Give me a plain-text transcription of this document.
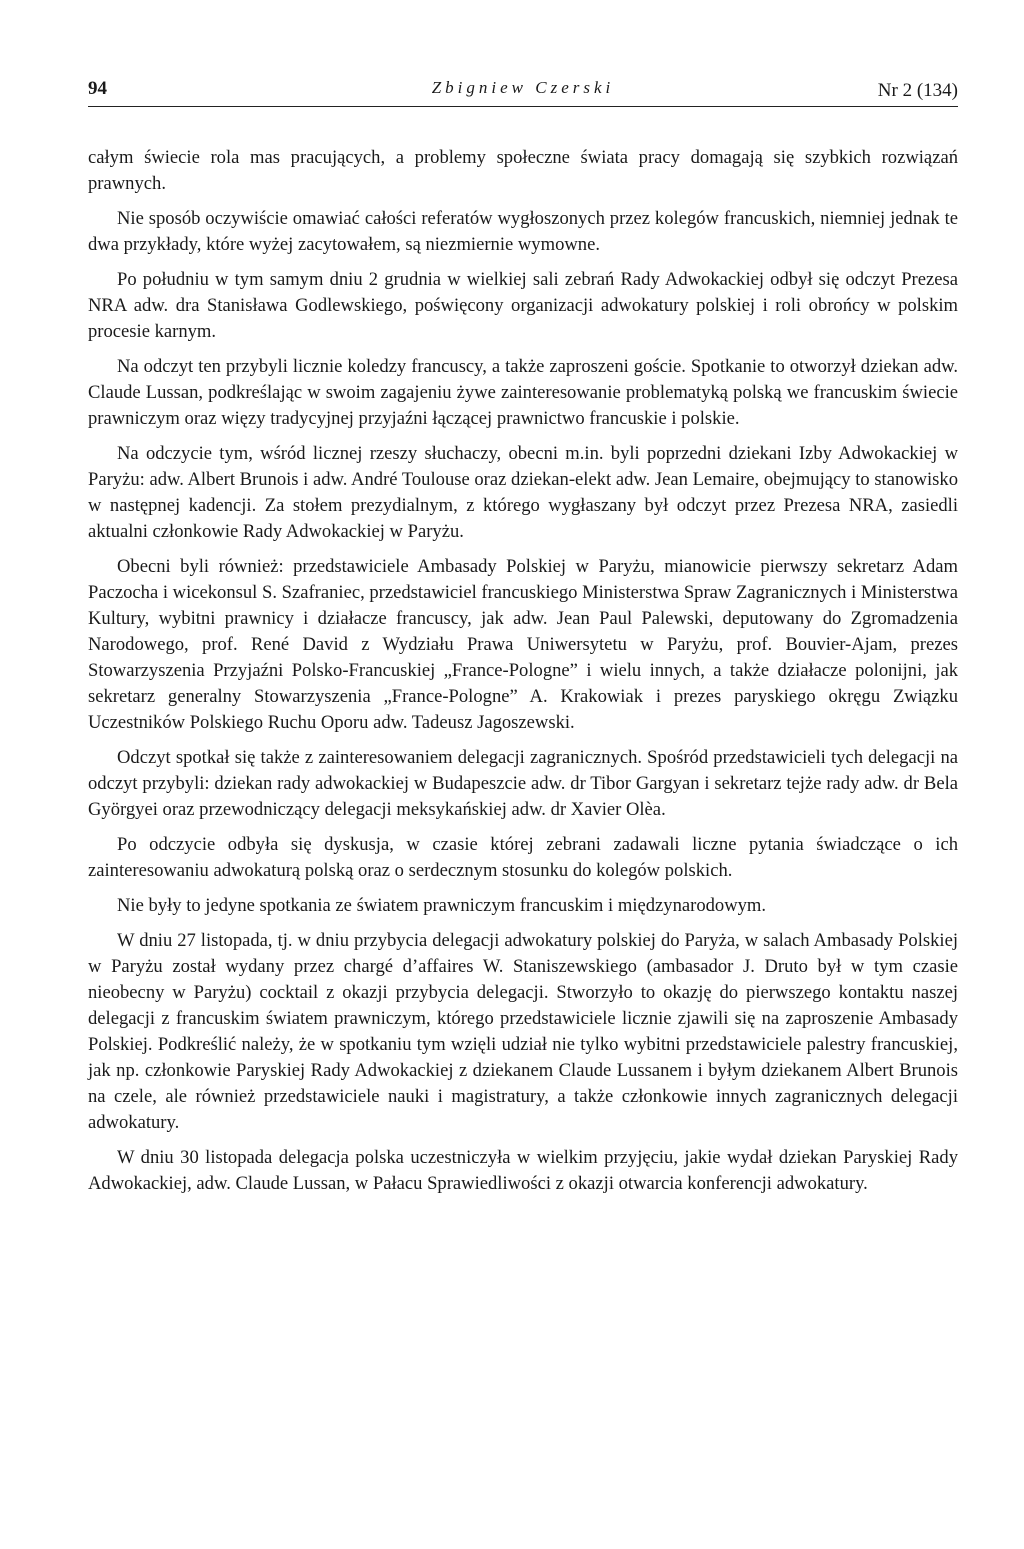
94	Zbigniew Czerski	Nr 2 (134)

całym świecie rola mas pracujących, a problemy społeczne świata pracy domagają się szybkich rozwiązań prawnych.

Nie sposób oczywiście omawiać całości referatów wygłoszonych przez kolegów francuskich, niemniej jednak te dwa przykłady, które wyżej zacytowałem, są niezmiernie wymowne.

Po południu w tym samym dniu 2 grudnia w wielkiej sali zebrań Rady Adwokackiej odbył się odczyt Prezesa NRA adw. dra Stanisława Godlewskiego, poświęcony organizacji adwokatury polskiej i roli obrońcy w polskim procesie karnym.

Na odczyt ten przybyli licznie koledzy francuscy, a także zaproszeni goście. Spotkanie to otworzył dziekan adw. Claude Lussan, podkreślając w swoim zagajeniu żywe zainteresowanie problematyką polską we francuskim świecie prawniczym oraz więzy tradycyjnej przyjaźni łączącej prawnictwo francuskie i polskie.

Na odczycie tym, wśród licznej rzeszy słuchaczy, obecni m.in. byli poprzedni dziekani Izby Adwokackiej w Paryżu: adw. Albert Brunois i adw. André Toulouse oraz dziekan-elekt adw. Jean Lemaire, obejmujący to stanowisko w następnej kadencji. Za stołem prezydialnym, z którego wygłaszany był odczyt przez Prezesa NRA, zasiedli aktualni członkowie Rady Adwokackiej w Paryżu.

Obecni byli również: przedstawiciele Ambasady Polskiej w Paryżu, mianowicie pierwszy sekretarz Adam Paczocha i wicekonsul S. Szafraniec, przedstawiciel francuskiego Ministerstwa Spraw Zagranicznych i Ministerstwa Kultury, wybitni prawnicy i działacze francuscy, jak adw. Jean Paul Palewski, deputowany do Zgromadzenia Narodowego, prof. René David z Wydziału Prawa Uniwersytetu w Paryżu, prof. Bouvier-Ajam, prezes Stowarzyszenia Przyjaźni Polsko-Francuskiej „France-Pologne” i wielu innych, a także działacze polonijni, jak sekretarz generalny Stowarzyszenia „France-Pologne” A. Krakowiak i prezes paryskiego okręgu Związku Uczestników Polskiego Ruchu Oporu adw. Tadeusz Jagoszewski.

Odczyt spotkał się także z zainteresowaniem delegacji zagranicznych. Spośród przedstawicieli tych delegacji na odczyt przybyli: dziekan rady adwokackiej w Budapeszcie adw. dr Tibor Gargyan i sekretarz tejże rady adw. dr Bela Györgyei oraz przewodniczący delegacji meksykańskiej adw. dr Xavier Olèa.

Po odczycie odbyła się dyskusja, w czasie której zebrani zadawali liczne pytania świadczące o ich zainteresowaniu adwokaturą polską oraz o serdecznym stosunku do kolegów polskich.

Nie były to jedyne spotkania ze światem prawniczym francuskim i międzynarodowym.

W dniu 27 listopada, tj. w dniu przybycia delegacji adwokatury polskiej do Paryża, w salach Ambasady Polskiej w Paryżu został wydany przez chargé d’affaires W. Staniszewskiego (ambasador J. Druto był w tym czasie nieobecny w Paryżu) cocktail z okazji przybycia delegacji. Stworzyło to okazję do pierwszego kontaktu naszej delegacji z francuskim światem prawniczym, którego przedstawiciele licznie zjawili się na zaproszenie Ambasady Polskiej. Podkreślić należy, że w spotkaniu tym wzięli udział nie tylko wybitni przedstawiciele palestry francuskiej, jak np. członkowie Paryskiej Rady Adwokackiej z dziekanem Claude Lussanem i byłym dziekanem Albert Brunois na czele, ale również przedstawiciele nauki i magistratury, a także członkowie innych zagranicznych delegacji adwokatury.

W dniu 30 listopada delegacja polska uczestniczyła w wielkim przyjęciu, jakie wydał dziekan Paryskiej Rady Adwokackiej, adw. Claude Lussan, w Pałacu Sprawiedliwości z okazji otwarcia konferencji adwokatury.
